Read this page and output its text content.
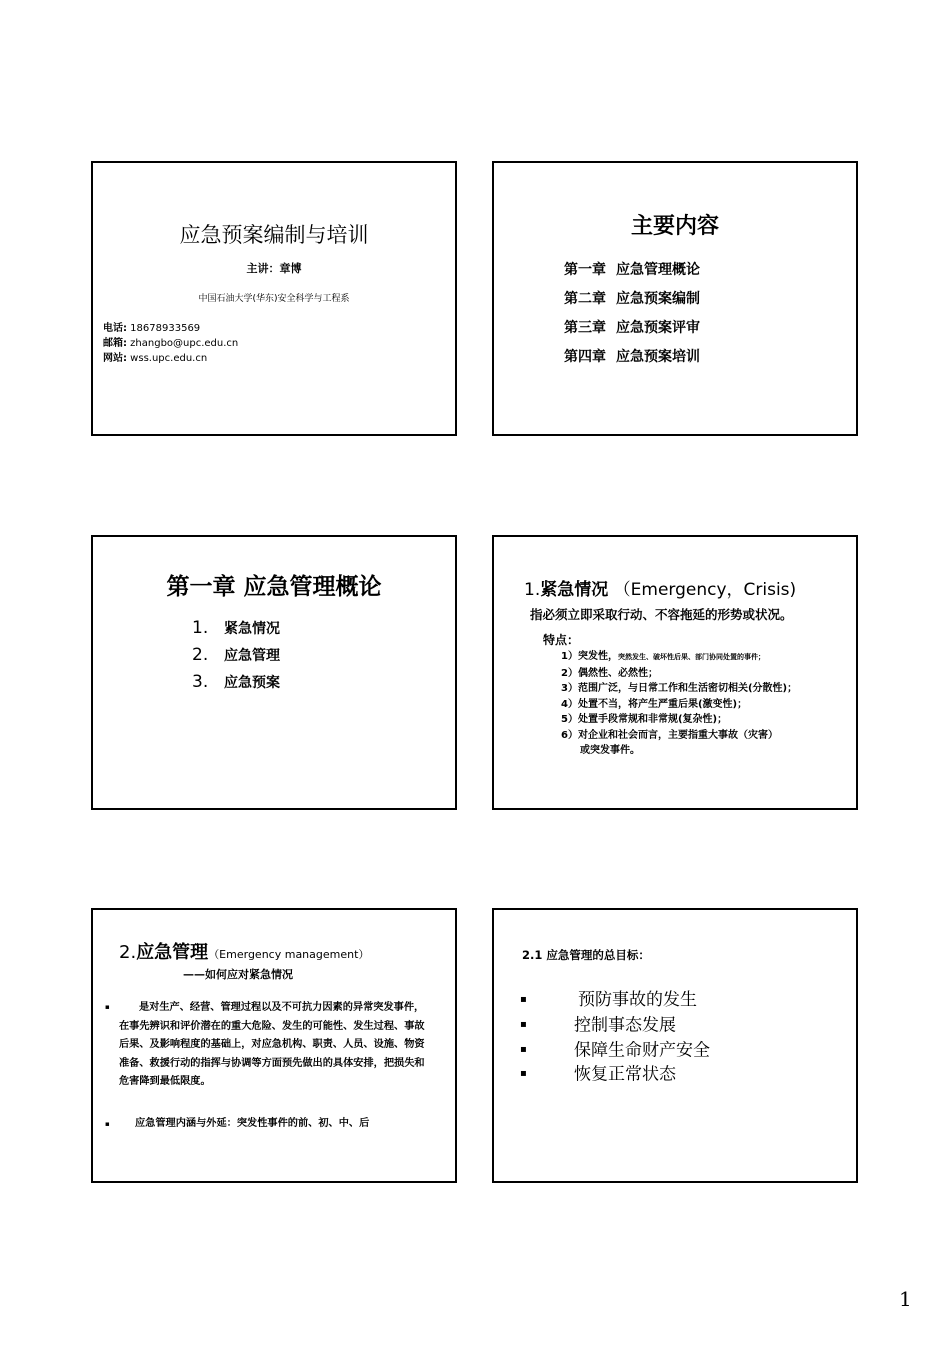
应急预案编制与培训
主讲：章博
中国石油大学(华东)安全科学与工程系
电话: 18678933569
邮箱: zhangbo@upc.edu.cn
网站: wss.upc.edu.cn
主要内容
第一章 应急管理概论
第二章 应急预案编制
第三章 应急预案评审
第四章 应急预案培训
第一章 应急管理概论
1. 紧急情况
2. 应急管理
3. 应急预案
1.紧急情况 （Emergency，Crisis)
指必须立即采取行动、不容拖延的形势或状况。
特点：
1）突发性，突然发生、破坏性后果、部门协同处置的事件；
2）偶然性、必然性；
3）范围广泛，与日常工作和生活密切相关(分散性)；
4）处置不当，将产生严重后果(激变性)；
5）处置手段常规和非常规(复杂性)；
6）对企业和社会而言，主要指重大事故（灾害）
或突发事件。
2.应急管理（Emergency management）
——如何应对紧急情况
▪	是对生产、经营、管理过程以及不可抗力因素的异常突发事件，在事先辨识和评价潜在的重大危险、发生的可能性、发生过程、事故后果、及影响程度的基础上，对应急机构、职责、人员、设施、物资准备、救援行动的指挥与协调等方面预先做出的具体安排，把损失和危害降到最低限度。
▪ 应急管理内涵与外延：突发性事件的前、初、中、后
2.1 应急管理的总目标：
▪	预防事故的发生
▪	控制事态发展
▪	保障生命财产安全
▪	恢复正常状态
1
